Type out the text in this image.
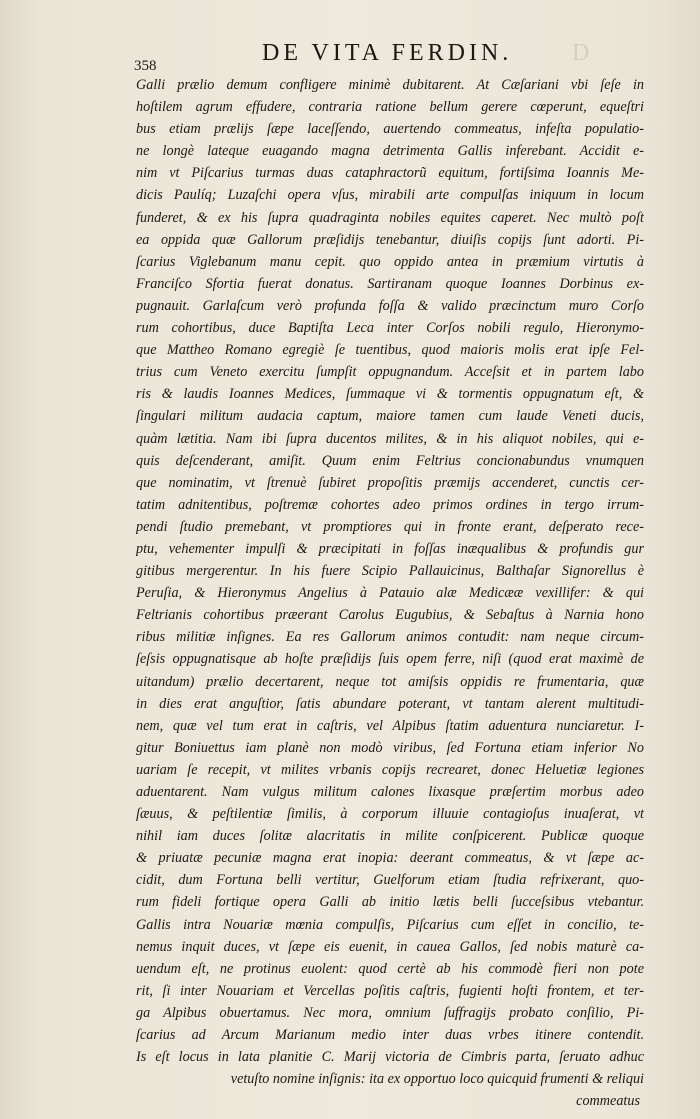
358	DE VITA FERDIN. D
Galli prælio demum confligere minimè dubitarent. At Cæſariani vbi ſeſe in
hoſtilem agrum effudere, contraria ratione bellum gerere cœperunt, equeſtri
bus etiam prælijs ſæpe laceſſendo, auertendo commeatus, infeſta populatio-
ne longè lateque euagando magna detrimenta Gallis inferebant. Accidit e-
nim vt Piſcarius turmas duas cataphractorũ equitum, fortiſsima Ioannis Me-
dicis Paulíq; Luzaſchi opera vſus, mirabili arte compulſas iniquum in locum
funderet, & ex his ſupra quadraginta nobiles equites caperet. Nec multò poſt
ea oppida quæ Gallorum præſidijs tenebantur, diuiſis copijs ſunt adorti. Pi-
ſcarius Viglebanum manu cepit. quo oppido antea in præmium virtutis à
Franciſco Sfortia fuerat donatus. Sartiranam quoque Ioannes Dorbinus ex-
pugnauit. Garlaſcum verò profunda foſſa & valido præcinctum muro Corſo
rum cohortibus, duce Baptiſta Leca inter Corſos nobili regulo, Hieronymo-
que Mattheo Romano egregiè ſe tuentibus, quod maioris molis erat ipſe Fel-
trius cum Veneto exercitu ſumpſit oppugnandum. Acceſsit et in partem labo
ris & laudis Ioannes Medices, ſummaque vi & tormentis oppugnatum eſt, &
ſingulari militum audacia captum, maiore tamen cum laude Veneti ducis,
quàm lætitia. Nam ibi ſupra ducentos milites, & in his aliquot nobiles, qui e-
quis deſcenderant, amiſit. Quum enim Feltrius concionabundus vnumquen
que nominatim, vt ſtrenuè ſubiret propoſitis præmijs accenderet, cunctis cer-
tatim adnitentibus, poſtremæ cohortes adeo primos ordines in tergo irrum-
pendi ſtudio premebant, vt promptiores qui in fronte erant, deſperato rece-
ptu, vehementer impulſi & præcipitati in foſſas inæqualibus & profundis gur
gitibus mergerentur. In his fuere Scipio Pallauicinus, Balthaſar Signorellus è
Peruſia, & Hieronymus Angelius à Patauio alæ Medicææ vexillifer: & qui
Feltrianis cohortibus præerant Carolus Eugubius, & Sebaſtus à Narnia hono
ribus militiæ inſignes. Ea res Gallorum animos contudit: nam neque circum-
ſeſsis oppugnatisque ab hoſte præſidijs ſuis opem ferre, niſi (quod erat maximè de
uitandum) prælio decertarent, neque tot amiſsis oppidis re frumentaria, quæ
in dies erat anguſtior, ſatis abundare poterant, vt tantam alerent multitudi-
nem, quæ vel tum erat in caſtris, vel Alpibus ſtatim aduentura nunciaretur. I-
gitur Boniuettus iam planè non modò viribus, ſed Fortuna etiam inferior No
uariam ſe recepit, vt milites vrbanis copijs recrearet, donec Heluetiæ legiones
aduentarent. Nam vulgus militum calones lixasque præſertim morbus adeo
ſæuus, & peſtilentiæ ſimilis, à corporum illuuie contagioſus inuaſerat, vt
nihil iam duces ſolitæ alacritatis in milite conſpicerent. Publicæ quoque
& priuatæ pecuniæ magna erat inopia: deerant commeatus, & vt ſæpe ac-
cidit, dum Fortuna belli vertitur, Guelforum etiam ſtudia refrixerant, quo-
rum fideli fortique opera Galli ab initio lætis belli ſucceſsibus vtebantur.
Gallis intra Nouariæ mœnia compulſis, Piſcarius cum eſſet in concilio, te-
nemus inquit duces, vt ſæpe eis euenit, in cauea Gallos, ſed nobis maturè ca-
uendum eſt, ne protinus euolent: quod certè ab his commodè fieri non pote
rit, ſi inter Nouariam et Vercellas poſitis caſtris, fugienti hoſti frontem, et ter-
ga Alpibus obuertamus. Nec mora, omnium ſuffragijs probato conſilio, Pi-
ſcarius ad Arcum Marianum medio inter duas vrbes itinere contendit.
Is eſt locus in lata planitie C. Marij victoria de Cimbris parta, ſeruato adhuc
vetuſto nomine inſignis: ita ex opportuo loco quicquid frumenti & reliqui
commeatus
